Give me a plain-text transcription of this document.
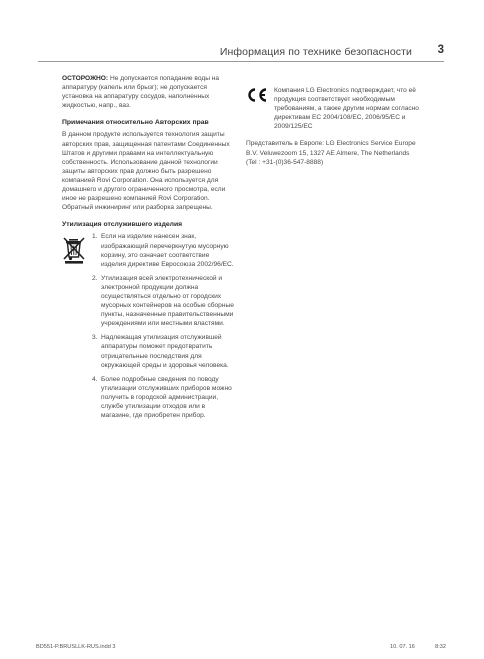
Информация по технике безопасности 3

ОСТОРОЖНО: Не допускается попадание воды на аппаратуру (капель или брызг); не допускается установка на аппаратуру сосудов, наполненных жидкостью, напр., ваз.

Примечания относительно Авторских прав

В данном продукте используется технология защиты авторских прав, защищенная патентами Соединенных Штатов и другими правами на интеллектуальную собственность. Использование данной технологии защиты авторских прав должно быть разрешено компанией Rovi Corporation. Она используется для домашнего и другого ограниченного просмотра, если иное не разрешено компанией Rovi Corporation. Обратный инжиниринг или разборка запрещены.

Утилизация отслужившего изделия

1. Если на изделие нанесен знак, изображающий перечеркнутую мусорную корзину, это означает соответствие изделия директиве Евросоюза 2002/96/ЕС.
2. Утилизация всей электротехнической и электронной продукции должна осуществляться отдельно от городских мусорных контейнеров на особые сборные пункты, назначенные правительственными учреждениями или местными властями.
3. Надлежащая утилизация отслужившей аппаратуры поможет предотвратить отрицательные последствия для окружающей среды и здоровья человека.
4. Более подробные сведения по поводу утилизации отслуживших приборов можно получить в городской администрации, службе утилизации отходов или в магазине, где приобретен прибор.

Компания LG Electronics подтверждает, что её продукция соответствует необходимым требованиям, а также другим нормам согласно директивам EC 2004/108/EC, 2006/95/EC и 2009/125/EC

Представитель в Европе: LG Electronics Service Europe B.V. Veluwezoom 15, 1327 AE Almere, The Netherlands (Tel : +31-(0)36-547-8888)

BD551-P.BRUSLLK-RUS.indd 3	10. 07. 16	8:32
